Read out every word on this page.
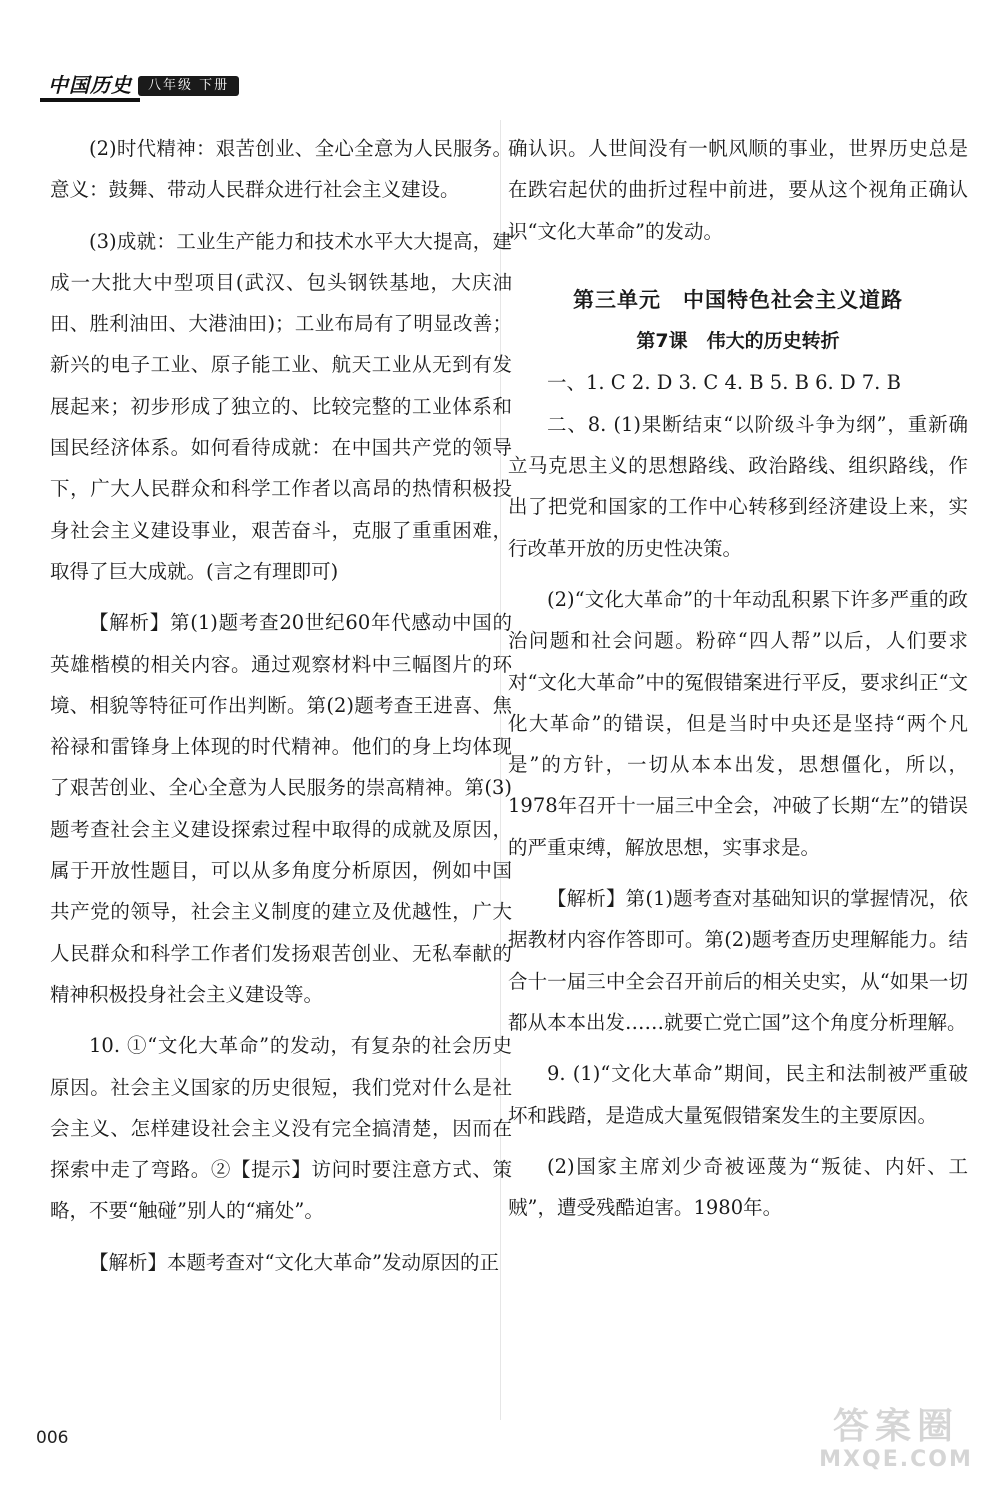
中国历史	八年级 下册

(2)时代精神：艰苦创业、全心全意为人民服务。意义：鼓舞、带动人民群众进行社会主义建设。

(3)成就：工业生产能力和技术水平大大提高，建成一大批大中型项目(武汉、包头钢铁基地，大庆油田、胜利油田、大港油田)；工业布局有了明显改善；新兴的电子工业、原子能工业、航天工业从无到有发展起来；初步形成了独立的、比较完整的工业体系和国民经济体系。如何看待成就：在中国共产党的领导下，广大人民群众和科学工作者以高昂的热情积极投身社会主义建设事业，艰苦奋斗，克服了重重困难，取得了巨大成就。(言之有理即可)

【解析】第(1)题考查20世纪60年代感动中国的英雄楷模的相关内容。通过观察材料中三幅图片的环境、相貌等特征可作出判断。第(2)题考查王进喜、焦裕禄和雷锋身上体现的时代精神。他们的身上均体现了艰苦创业、全心全意为人民服务的崇高精神。第(3)题考查社会主义建设探索过程中取得的成就及原因，属于开放性题目，可以从多角度分析原因，例如中国共产党的领导，社会主义制度的建立及优越性，广大人民群众和科学工作者们发扬艰苦创业、无私奉献的精神积极投身社会主义建设等。

10. ①“文化大革命”的发动，有复杂的社会历史原因。社会主义国家的历史很短，我们党对什么是社会主义、怎样建设社会主义没有完全搞清楚，因而在探索中走了弯路。②【提示】访问时要注意方式、策略，不要“触碰”别人的“痛处”。

【解析】本题考查对“文化大革命”发动原因的正

确认识。人世间没有一帆风顺的事业，世界历史总是在跌宕起伏的曲折过程中前进，要从这个视角正确认识“文化大革命”的发动。

第三单元　中国特色社会主义道路

第7课　伟大的历史转折

一、1. C 2. D 3. C 4. B 5. B 6. D 7. B

二、8. (1)果断结束“以阶级斗争为纲”，重新确立马克思主义的思想路线、政治路线、组织路线，作出了把党和国家的工作中心转移到经济建设上来，实行改革开放的历史性决策。

(2)“文化大革命”的十年动乱积累下许多严重的政治问题和社会问题。粉碎“四人帮”以后，人们要求对“文化大革命”中的冤假错案进行平反，要求纠正“文化大革命”的错误，但是当时中央还是坚持“两个凡是”的方针，一切从本本出发，思想僵化，所以，1978年召开十一届三中全会，冲破了长期“左”的错误的严重束缚，解放思想，实事求是。

【解析】第(1)题考查对基础知识的掌握情况，依据教材内容作答即可。第(2)题考查历史理解能力。结合十一届三中全会召开前后的相关史实，从“如果一切都从本本出发……就要亡党亡国”这个角度分析理解。

9. (1)“文化大革命”期间，民主和法制被严重破坏和践踏，是造成大量冤假错案发生的主要原因。

(2)国家主席刘少奇被诬蔑为“叛徒、内奸、工贼”，遭受残酷迫害。1980年。

006	答案圈
MXQE.COM
